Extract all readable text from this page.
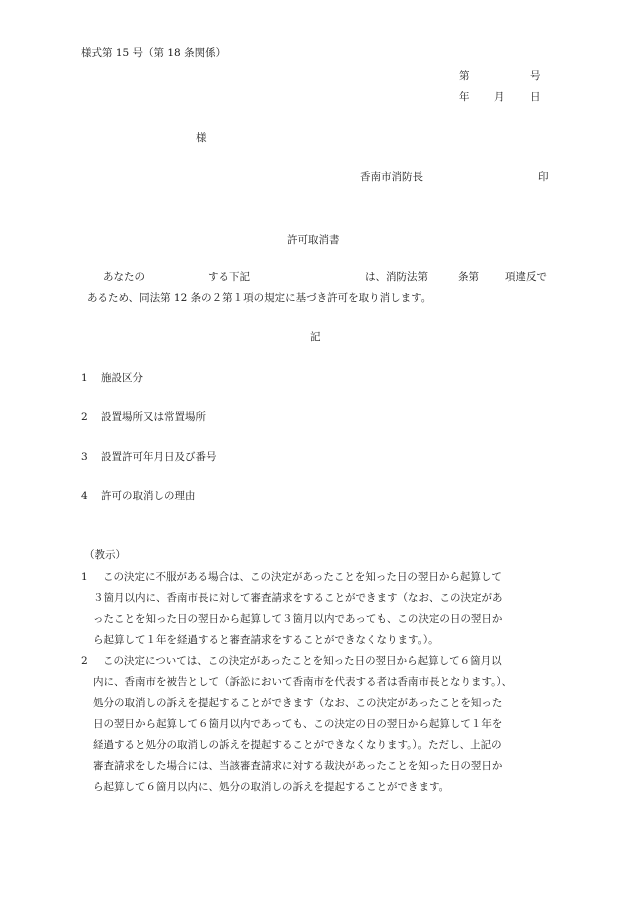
様式第 15 号（第 18 条関係）
第	号
年 月 日
様
香南市消防長	印
許可取消書
あなたの	する下記	は、消防法第	条第 項違反で
あるため、同法第 12 条の２第１項の規定に基づき許可を取り消します。
記
1 施設区分
2 設置場所又は常置場所
3 設置許可年月日及び番号
4 許可の取消しの理由
（教示）
1 この決定に不服がある場合は、この決定があったことを知った日の翌日から起算して
３箇月以内に、香南市長に対して審査請求をすることができます（なお、この決定があ
ったことを知った日の翌日から起算して３箇月以内であっても、この決定の日の翌日か
ら起算して１年を経過すると審査請求をすることができなくなります。）。
2 この決定については、この決定があったことを知った日の翌日から起算して６箇月以
内に、香南市を被告として（訴訟において香南市を代表する者は香南市長となります。）、
処分の取消しの訴えを提起することができます（なお、この決定があったことを知った
日の翌日から起算して６箇月以内であっても、この決定の日の翌日から起算して１年を
経過すると処分の取消しの訴えを提起することができなくなります。）。ただし、上記の
審査請求をした場合には、当該審査請求に対する裁決があったことを知った日の翌日か
ら起算して６箇月以内に、処分の取消しの訴えを提起することができます。
